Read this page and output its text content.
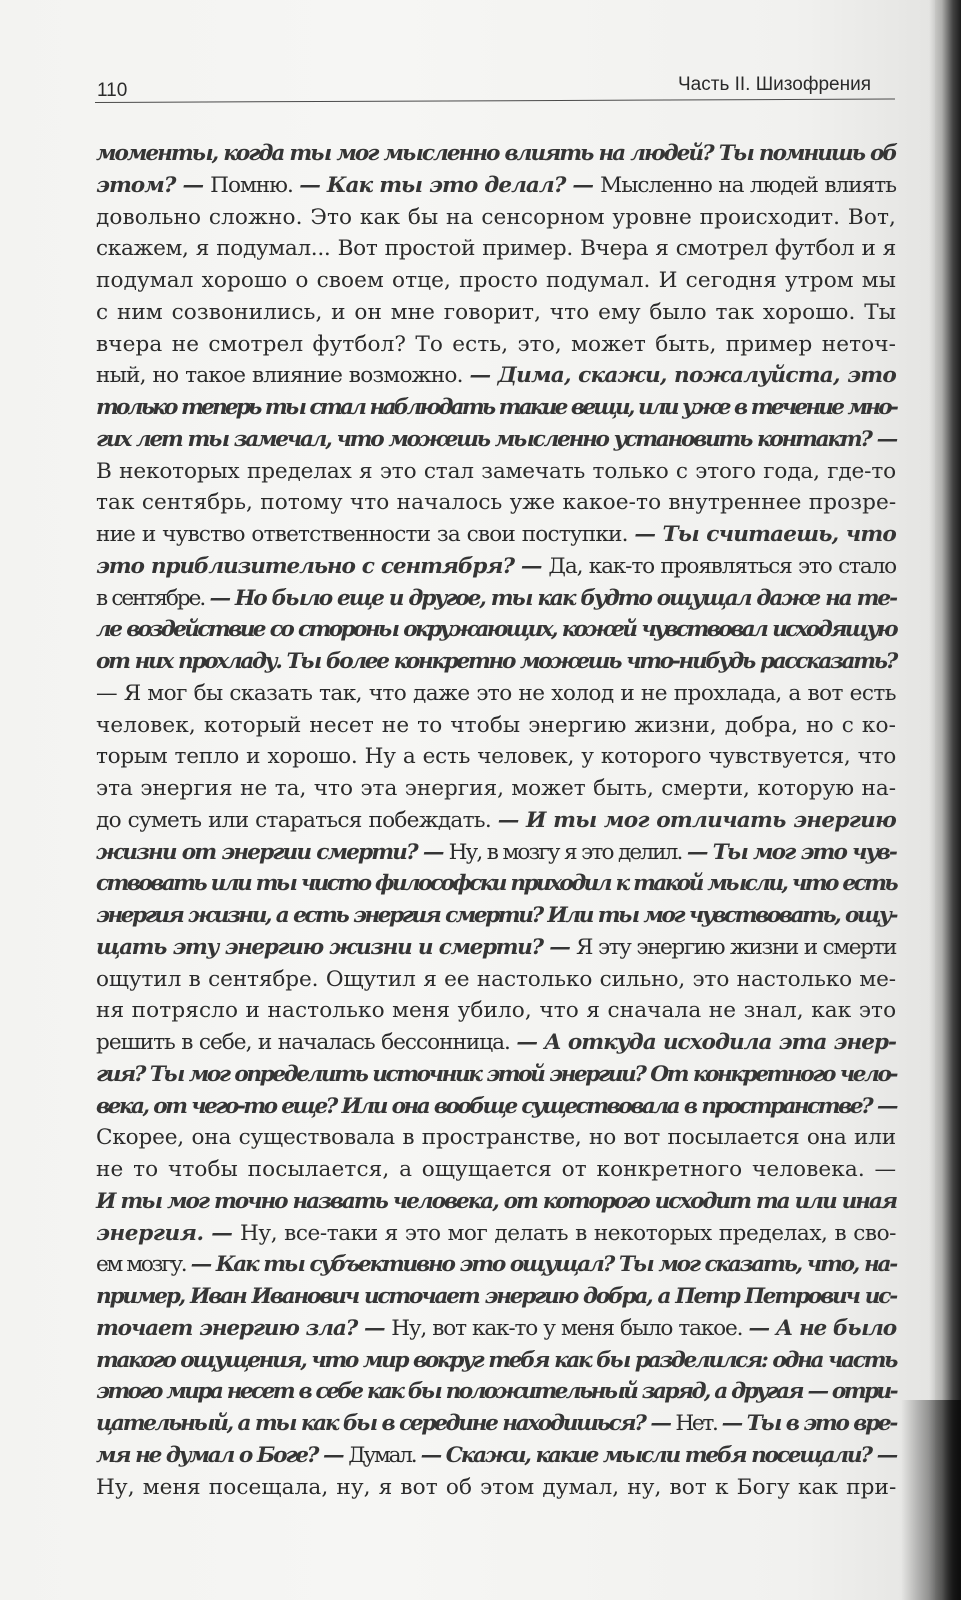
110	Часть II. Шизофрения
моменты, когда ты мог мысленно влиять на людей? Ты помнишь об
этом? — Помню. — Как ты это делал? — Мысленно на людей влиять
довольно сложно. Это как бы на сенсорном уровне происходит. Вот,
скажем, я подумал... Вот простой пример. Вчера я смотрел футбол и я
подумал хорошо о своем отце, просто подумал. И сегодня утром мы
с ним созвонились, и он мне говорит, что ему было так хорошо. Ты
вчера не смотрел футбол? То есть, это, может быть, пример неточ-
ный, но такое влияние возможно. — Дима, скажи, пожалуйста, это
только теперь ты стал наблюдать такие вещи, или уже в течение мно-
гих лет ты замечал, что можешь мысленно установить контакт? —
В некоторых пределах я это стал замечать только с этого года, где-то
так сентябрь, потому что началось уже какое-то внутреннее прозре-
ние и чувство ответственности за свои поступки. — Ты считаешь, что
это приблизительно с сентября? — Да, как-то проявляться это стало
в сентябре. — Но было еще и другое, ты как будто ощущал даже на те-
ле воздействие со стороны окружающих, кожей чувствовал исходящую
от них прохладу. Ты более конкретно можешь что-нибудь рассказать?
— Я мог бы сказать так, что даже это не холод и не прохлада, а вот есть
человек, который несет не то чтобы энергию жизни, добра, но с ко-
торым тепло и хорошо. Ну а есть человек, у которого чувствуется, что
эта энергия не та, что эта энергия, может быть, смерти, которую на-
до суметь или стараться побеждать. — И ты мог отличать энергию
жизни от энергии смерти? — Ну, в мозгу я это делил. — Ты мог это чув-
ствовать или ты чисто философски приходил к такой мысли, что есть
энергия жизни, а есть энергия смерти? Или ты мог чувствовать, ощу-
щать эту энергию жизни и смерти? — Я эту энергию жизни и смерти
ощутил в сентябре. Ощутил я ее настолько сильно, это настолько ме-
ня потрясло и настолько меня убило, что я сначала не знал, как это
решить в себе, и началась бессонница. — А откуда исходила эта энер-
гия? Ты мог определить источник этой энергии? От конкретного чело-
века, от чего-то еще? Или она вообще существовала в пространстве? —
Скорее, она существовала в пространстве, но вот посылается она или
не то чтобы посылается, а ощущается от конкретного человека. —
И ты мог точно назвать человека, от которого исходит та или иная
энергия. — Ну, все-таки я это мог делать в некоторых пределах, в сво-
ем мозгу. — Как ты субъективно это ощущал? Ты мог сказать, что, на-
пример, Иван Иванович источает энергию добра, а Петр Петрович ис-
точает энергию зла? — Ну, вот как-то у меня было такое. — А не было
такого ощущения, что мир вокруг тебя как бы разделился: одна часть
этого мира несет в себе как бы положительный заряд, а другая — отри-
цательный, а ты как бы в середине находишься? — Нет. — Ты в это вре-
мя не думал о Боге? — Думал. — Скажи, какие мысли тебя посещали? —
Ну, меня посещала, ну, я вот об этом думал, ну, вот к Богу как при-
